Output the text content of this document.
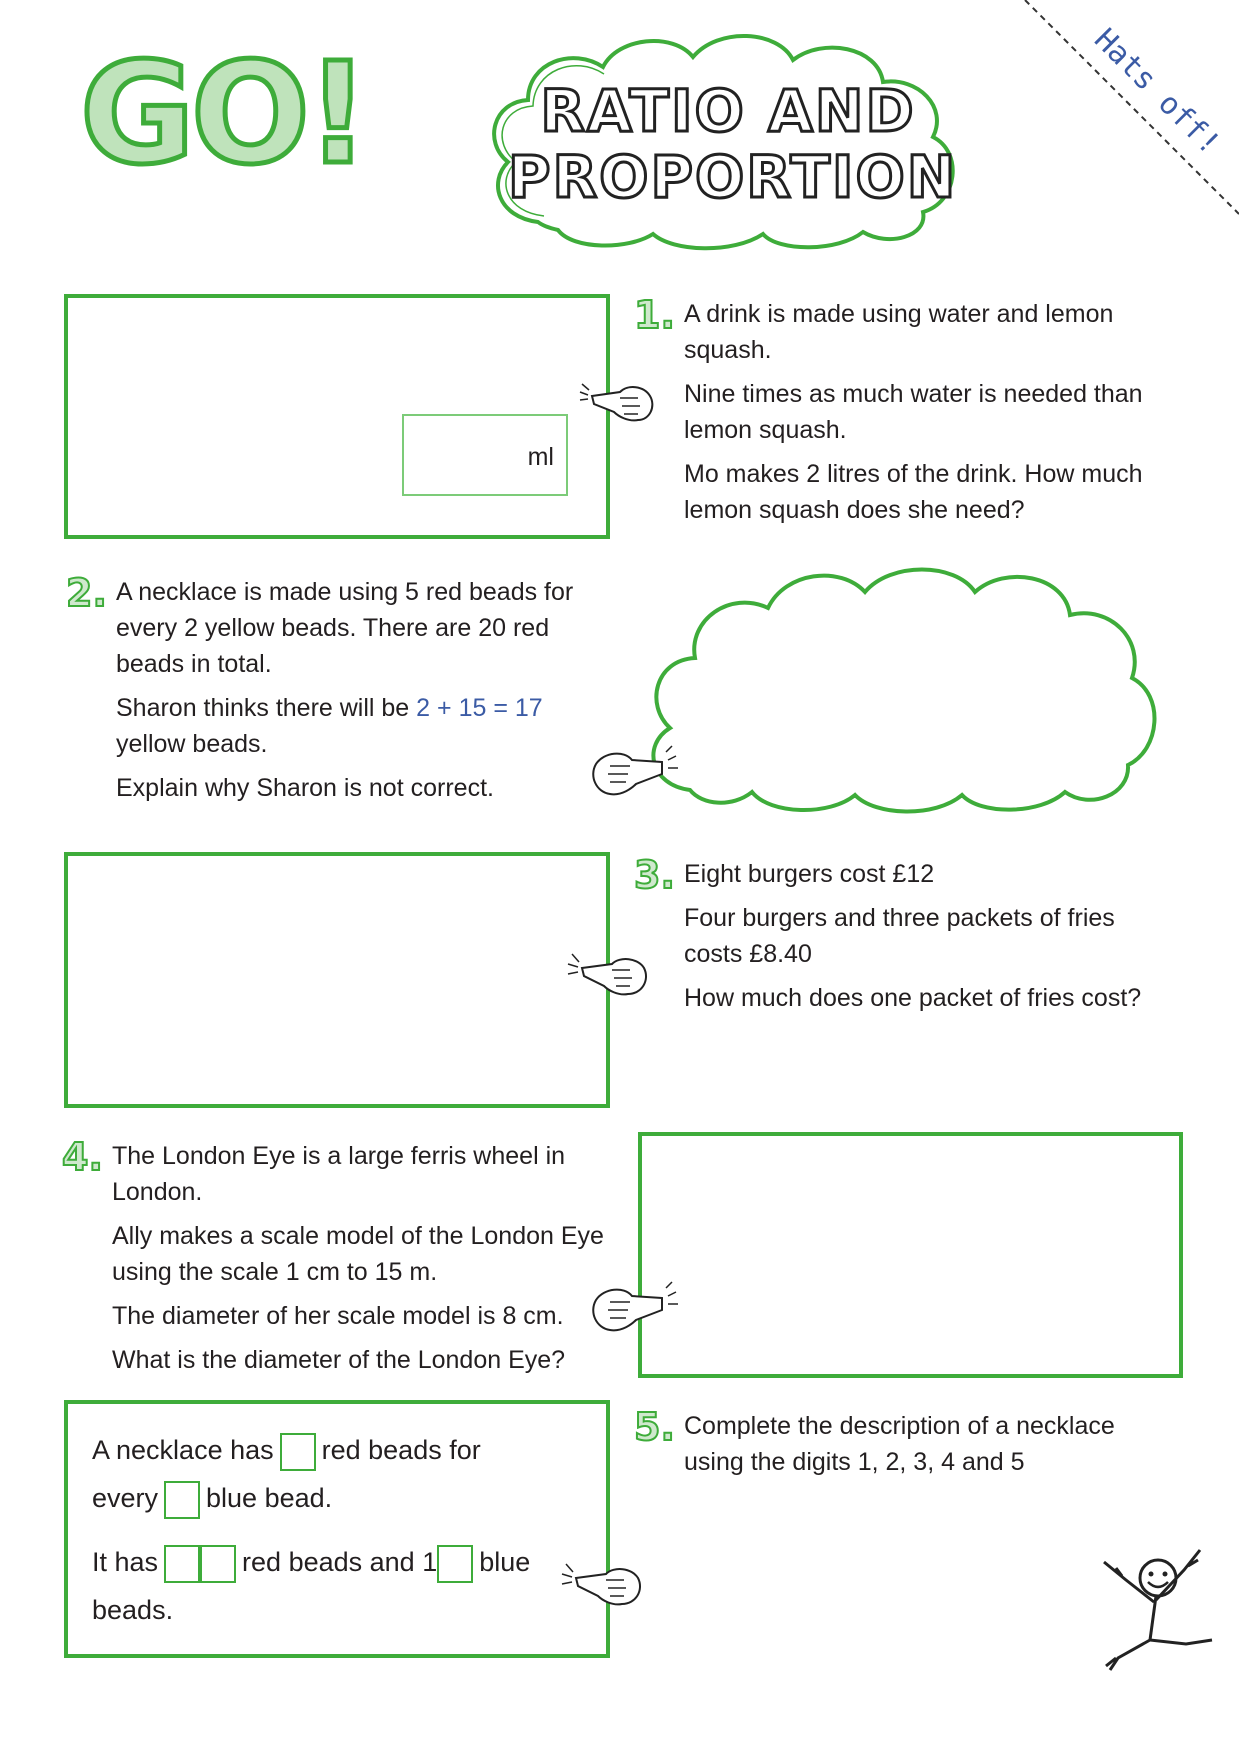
GO!	RATIO AND
PROPORTION
Hats off!
ml
1. A drink is made using water and lemon squash.

Nine times as much water is needed than lemon squash.

Mo makes 2 litres of the drink. How much lemon squash does she need?

2. A necklace is made using 5 red beads for every 2 yellow beads. There are 20 red beads in total.

Sharon thinks there will be 2 + 15 = 17 yellow beads.

Explain why Sharon is not correct.

3. Eight burgers cost £12

Four burgers and three packets of fries costs £8.40

How much does one packet of fries cost?

4. The London Eye is a large ferris wheel in London.

Ally makes a scale model of the London Eye using the scale 1 cm to 15 m.

The diameter of her scale model is 8 cm.

What is the diameter of the London Eye?

A necklace has red beads for
every blue bead.
It has	red beads and 1 blue
beads.
5. Complete the description of a necklace using the digits 1, 2, 3, 4 and 5
